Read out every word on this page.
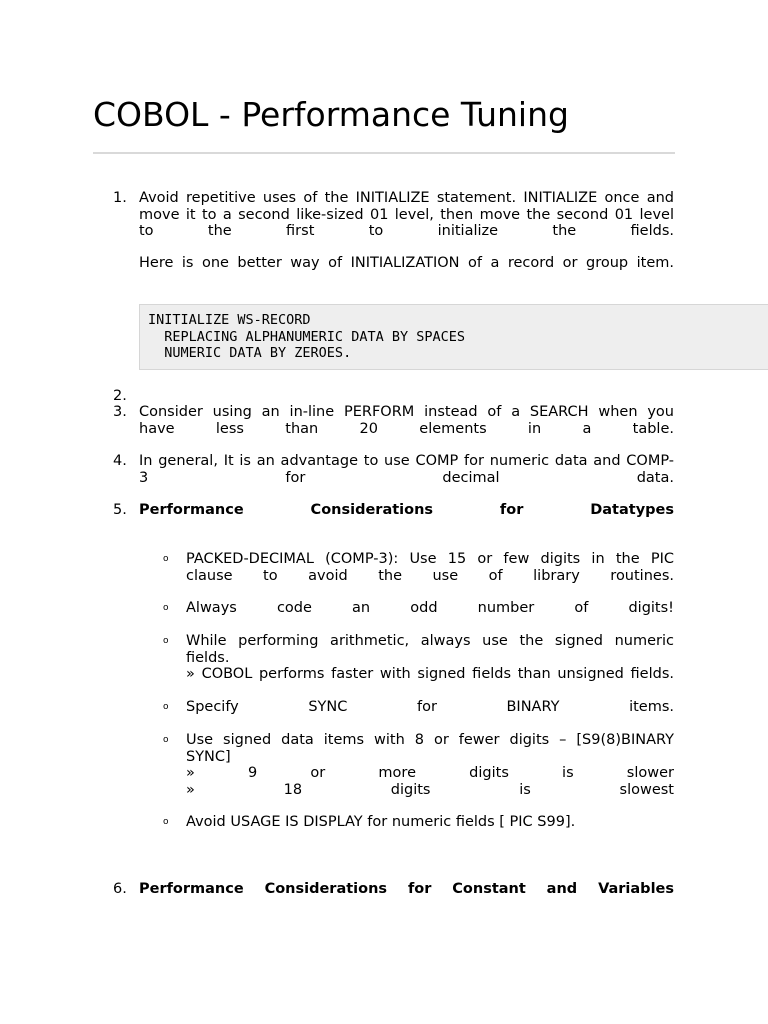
COBOL - Performance Tuning
1. Avoid repetitive uses of the INITIALIZE statement. INITIALIZE once and
move it to a second like-sized 01 level, then move the second 01 level
to the first to initialize the fields.
Here is one better way of INITIALIZATION of a record or group item.
INITIALIZE WS-RECORD
REPLACING ALPHANUMERIC DATA BY SPACES
NUMERIC DATA BY ZEROES.
2.
3. Consider using an in-line PERFORM instead of a SEARCH when you
have less than 20 elements in a table.
4. In general, It is an advantage to use COMP for numeric data and COMP-
3 for decimal data.
5. Performance Considerations for Datatypes
o PACKED-DECIMAL (COMP-3): Use 15 or few digits in the PIC
clause to avoid the use of library routines.
o Always code an odd number of digits!
o While performing arithmetic, always use the signed numeric
fields.
» COBOL performs faster with signed fields than unsigned fields.
o Specify SYNC for BINARY items.
o Use signed data items with 8 or fewer digits – [S9(8)BINARY
SYNC]
» 9 or more digits is slower
» 18 digits is slowest
o Avoid USAGE IS DISPLAY for numeric fields [ PIC S99].
6. Performance Considerations for Constant and Variables
